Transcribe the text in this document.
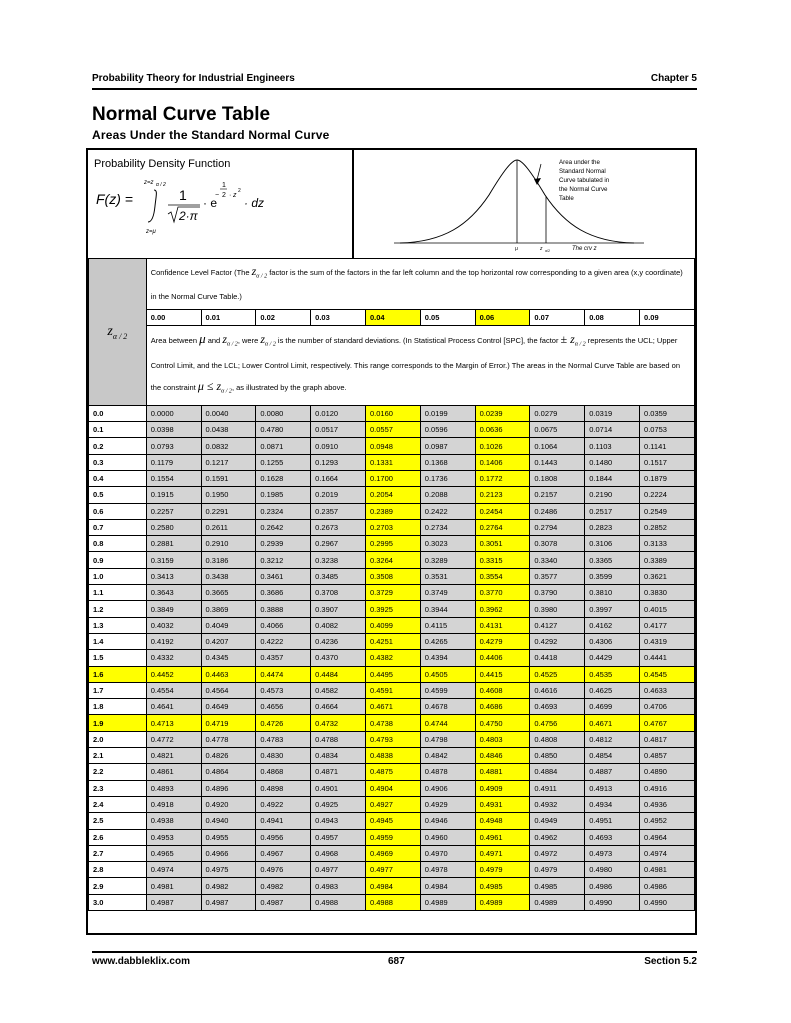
Probability Theory for Industrial Engineers	Chapter 5
Normal Curve Table
Areas Under the Standard Normal Curve
Probability Density Function
F(z) =
z=z α / 2
z=μ
1
2·π
· e
1
− 2 · z
2
· dz
μ	z α/2	The crv z
Area under the
Standard Normal
Curve tabulated in
the Normal Curve
Table
$z_{\alpha / 2}$	Confidence Level Factor (The $z_{\alpha / 2}$ factor is the sum of the factors in the far left column and the top horizontal row corresponding to a given area (x,y coordinate) in the Normal Curve Table.)									
	0.00	0.01	0.02	0.03	0.04	0.05	0.06	0.07	0.08	0.09
	Area between μ and $z_{\alpha / 2}$, were $z_{\alpha / 2}$ is the number of standard deviations. (In Statistical Process Control [SPC], the factor ± $z_{\alpha / 2}$ represents the UCL; Upper Control Limit, and the LCL; Lower Control Limit, respectively. This range corresponds to the Margin of Error.) The areas in the Normal Curve Table are based on the constraint $\mu \le z_{\alpha / 2}$, as illustrated by the graph above.									
0.0	0.0000	0.0040	0.0080	0.0120	0.0160	0.0199	0.0239	0.0279	0.0319	0.0359
0.1	0.0398	0.0438	0.4780	0.0517	0.0557	0.0596	0.0636	0.0675	0.0714	0.0753
0.2	0.0793	0.0832	0.0871	0.0910	0.0948	0.0987	0.1026	0.1064	0.1103	0.1141
0.3	0.1179	0.1217	0.1255	0.1293	0.1331	0.1368	0.1406	0.1443	0.1480	0.1517
0.4	0.1554	0.1591	0.1628	0.1664	0.1700	0.1736	0.1772	0.1808	0.1844	0.1879
0.5	0.1915	0.1950	0.1985	0.2019	0.2054	0.2088	0.2123	0.2157	0.2190	0.2224
0.6	0.2257	0.2291	0.2324	0.2357	0.2389	0.2422	0.2454	0.2486	0.2517	0.2549
0.7	0.2580	0.2611	0.2642	0.2673	0.2703	0.2734	0.2764	0.2794	0.2823	0.2852
0.8	0.2881	0.2910	0.2939	0.2967	0.2995	0.3023	0.3051	0.3078	0.3106	0.3133
0.9	0.3159	0.3186	0.3212	0.3238	0.3264	0.3289	0.3315	0.3340	0.3365	0.3389
1.0	0.3413	0.3438	0.3461	0.3485	0.3508	0.3531	0.3554	0.3577	0.3599	0.3621
1.1	0.3643	0.3665	0.3686	0.3708	0.3729	0.3749	0.3770	0.3790	0.3810	0.3830
1.2	0.3849	0.3869	0.3888	0.3907	0.3925	0.3944	0.3962	0.3980	0.3997	0.4015
1.3	0.4032	0.4049	0.4066	0.4082	0.4099	0.4115	0.4131	0.4127	0.4162	0.4177
1.4	0.4192	0.4207	0.4222	0.4236	0.4251	0.4265	0.4279	0.4292	0.4306	0.4319
1.5	0.4332	0.4345	0.4357	0.4370	0.4382	0.4394	0.4406	0.4418	0.4429	0.4441
1.6	0.4452	0.4463	0.4474	0.4484	0.4495	0.4505	0.4415	0.4525	0.4535	0.4545
1.7	0.4554	0.4564	0.4573	0.4582	0.4591	0.4599	0.4608	0.4616	0.4625	0.4633
1.8	0.4641	0.4649	0.4656	0.4664	0.4671	0.4678	0.4686	0.4693	0.4699	0.4706
1.9	0.4713	0.4719	0.4726	0.4732	0.4738	0.4744	0.4750	0.4756	0.4671	0.4767
2.0	0.4772	0.4778	0.4783	0.4788	0.4793	0.4798	0.4803	0.4808	0.4812	0.4817
2.1	0.4821	0.4826	0.4830	0.4834	0.4838	0.4842	0.4846	0.4850	0.4854	0.4857
2.2	0.4861	0.4864	0.4868	0.4871	0.4875	0.4878	0.4881	0.4884	0.4887	0.4890
2.3	0.4893	0.4896	0.4898	0.4901	0.4904	0.4906	0.4909	0.4911	0.4913	0.4916
2.4	0.4918	0.4920	0.4922	0.4925	0.4927	0.4929	0.4931	0.4932	0.4934	0.4936
2.5	0.4938	0.4940	0.4941	0.4943	0.4945	0.4946	0.4948	0.4949	0.4951	0.4952
2.6	0.4953	0.4955	0.4956	0.4957	0.4959	0.4960	0.4961	0.4962	0.4693	0.4964
2.7	0.4965	0.4966	0.4967	0.4968	0.4969	0.4970	0.4971	0.4972	0.4973	0.4974
2.8	0.4974	0.4975	0.4976	0.4977	0.4977	0.4978	0.4979	0.4979	0.4980	0.4981
2.9	0.4981	0.4982	0.4982	0.4983	0.4984	0.4984	0.4985	0.4985	0.4986	0.4986
3.0	0.4987	0.4987	0.4987	0.4988	0.4988	0.4989	0.4989	0.4989	0.4990	0.4990
www.dabbleklix.com	687	Section 5.2
